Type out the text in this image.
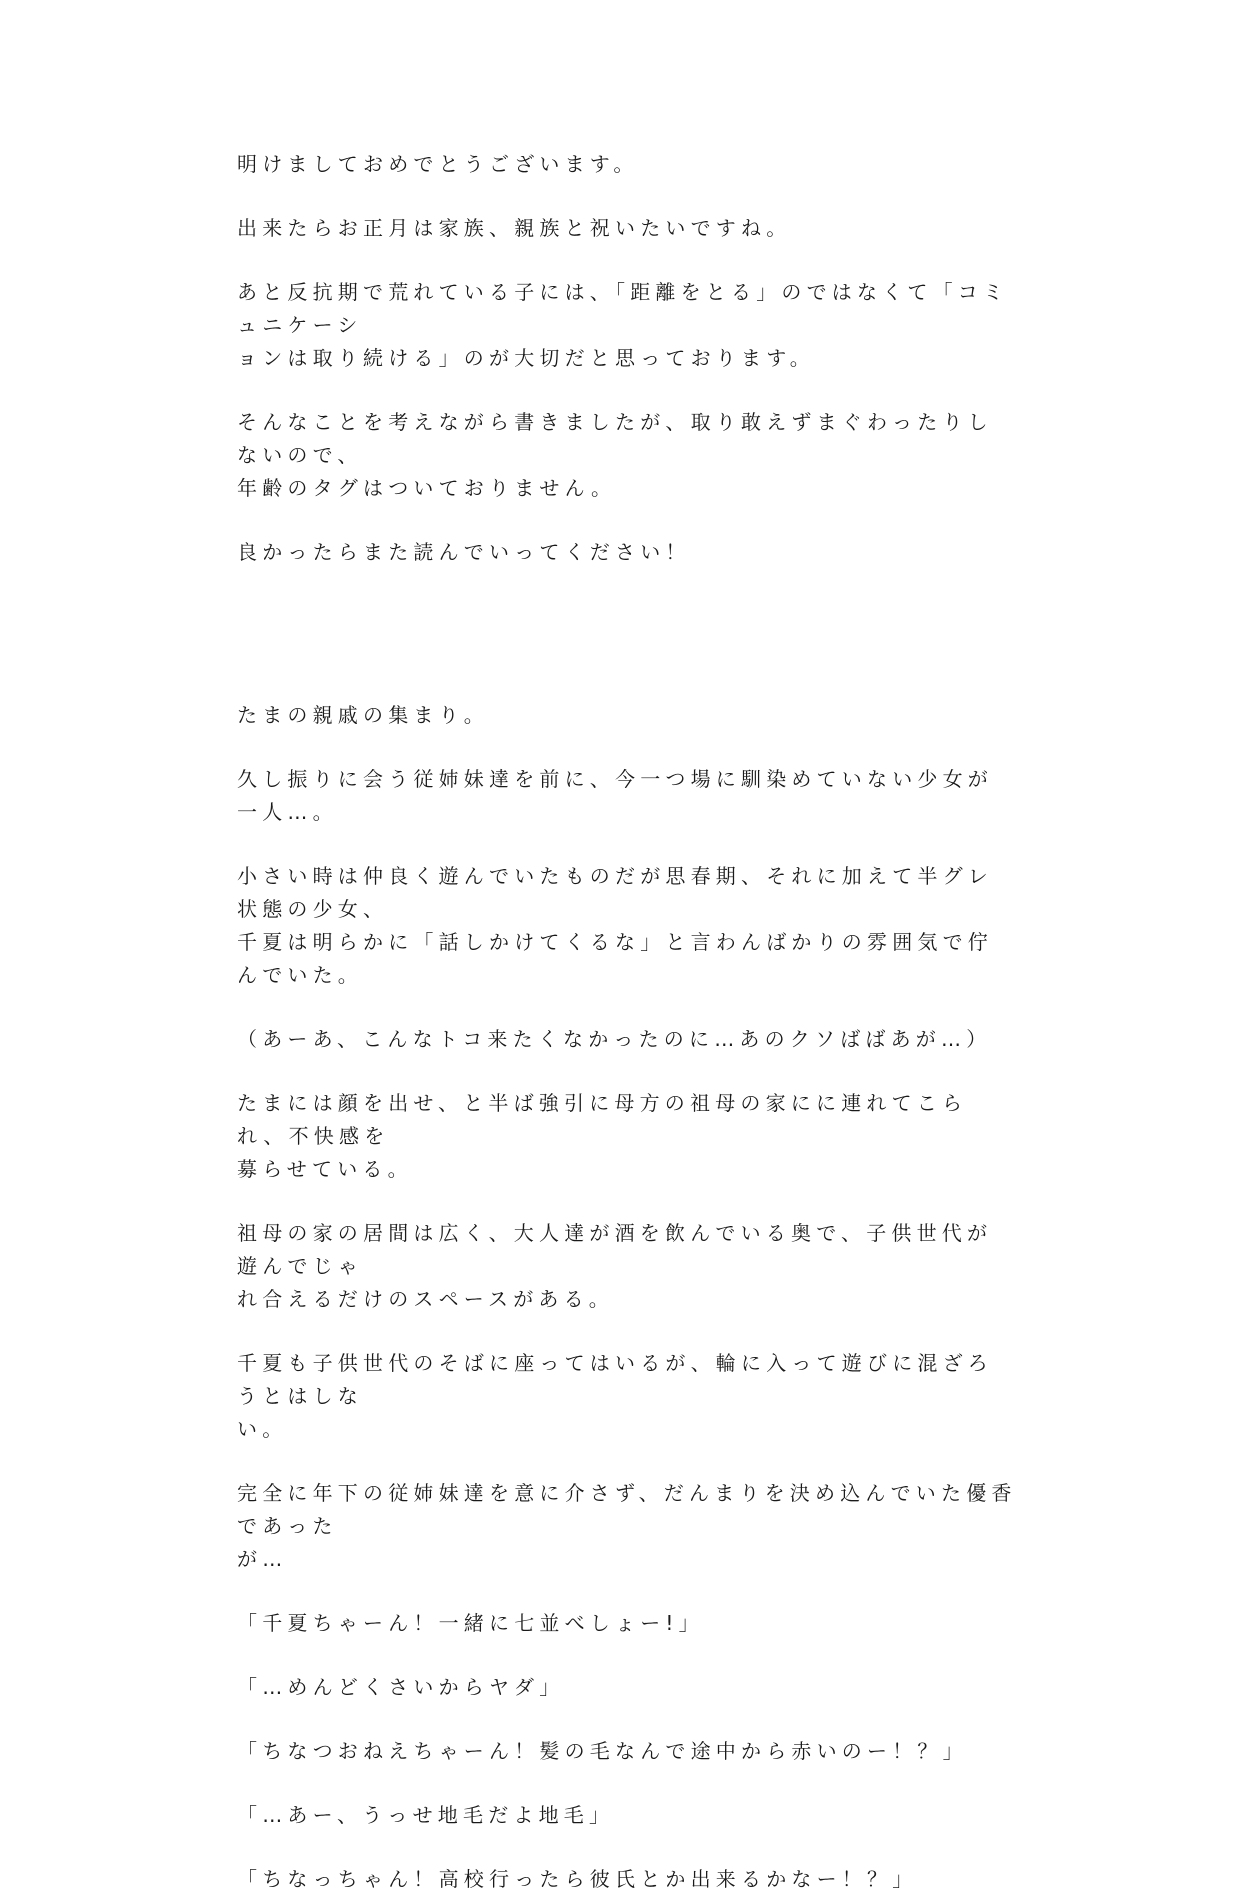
明けましておめでとうございます。

出来たらお正月は家族、親族と祝いたいですね。

あと反抗期で荒れている子には、「距離をとる」のではなくて「コミュニケーシ
ョンは取り続ける」のが大切だと思っております。

そんなことを考えながら書きましたが、取り敢えずまぐわったりしないので、
年齢のタグはついておりません。

良かったらまた読んでいってください！

たまの親戚の集まり。

久し振りに会う従姉妹達を前に、今一つ場に馴染めていない少女が一人…。

小さい時は仲良く遊んでいたものだが思春期、それに加えて半グレ状態の少女、
千夏は明らかに「話しかけてくるな」と言わんばかりの雰囲気で佇んでいた。

（あーあ、こんなトコ来たくなかったのに…あのクソばばあが…）

たまには顔を出せ、と半ば強引に母方の祖母の家にに連れてこられ、不快感を
募らせている。

祖母の家の居間は広く、大人達が酒を飲んでいる奥で、子供世代が遊んでじゃ
れ合えるだけのスペースがある。

千夏も子供世代のそばに座ってはいるが、輪に入って遊びに混ざろうとはしな
い。

完全に年下の従姉妹達を意に介さず、だんまりを決め込んでいた優香であった
が…

「千夏ちゃーん！一緒に七並べしょー!」

「…めんどくさいからヤダ」

「ちなつおねえちゃーん！髪の毛なんで途中から赤いのー！？」

「…あー、うっせ地毛だよ地毛」

「ちなっちゃん！高校行ったら彼氏とか出来るかなー！？」
